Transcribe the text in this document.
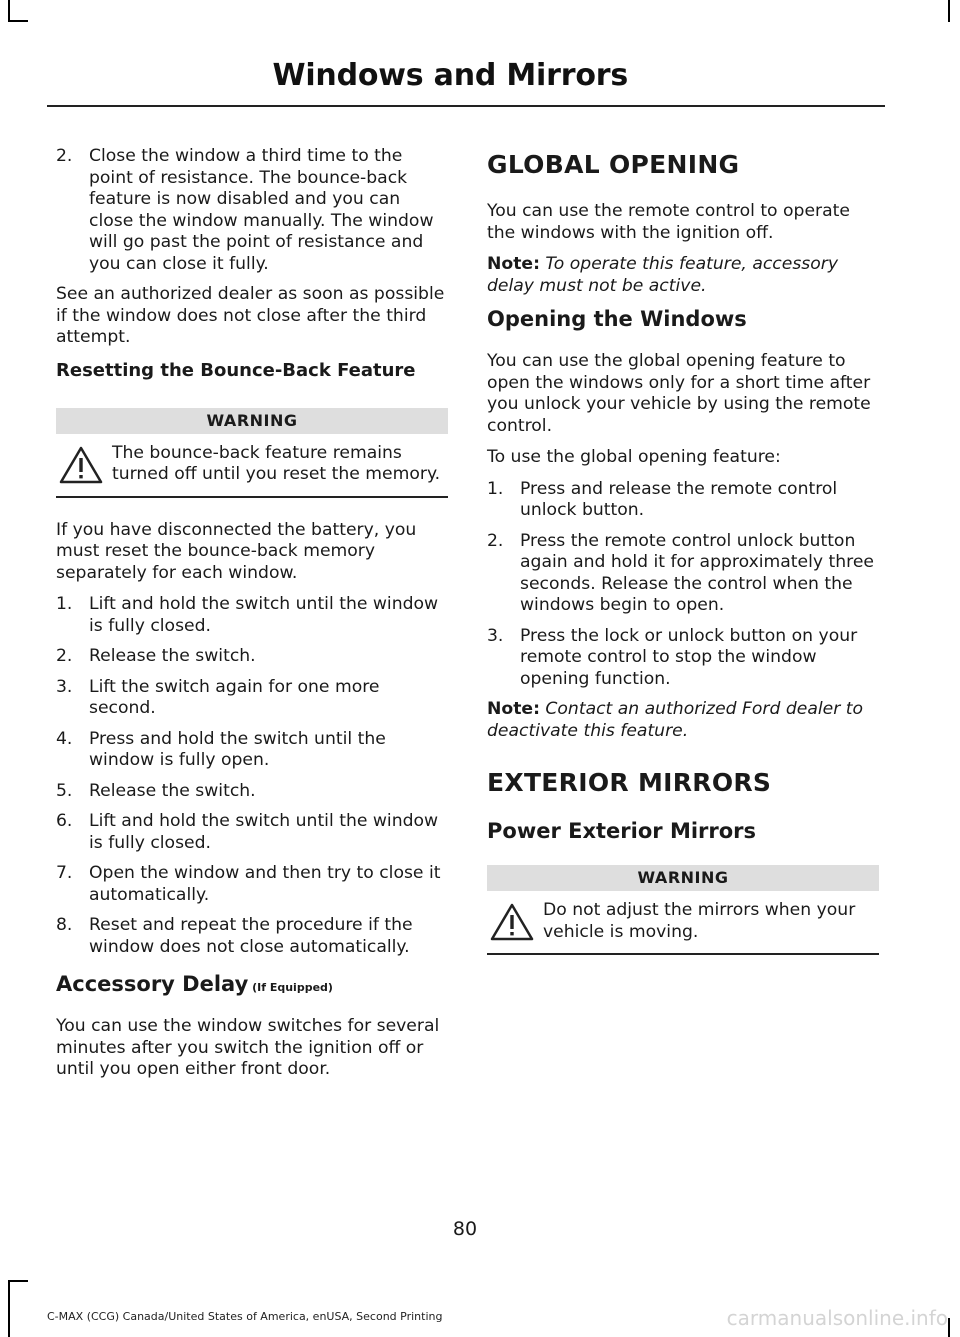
Windows and Mirrors
2. Close the window a third time to the point of resistance. The bounce-back feature is now disabled and you can close the window manually. The window will go past the point of resistance and you can close it fully.

See an authorized dealer as soon as possible if the window does not close after the third attempt.

Resetting the Bounce-Back Feature
WARNING
The bounce-back feature remains turned off until you reset the memory.

If you have disconnected the battery, you must reset the bounce-back memory separately for each window.

1. Lift and hold the switch until the window is fully closed.
2. Release the switch.
3. Lift the switch again for one more second.
4. Press and hold the switch until the window is fully open.
5. Release the switch.
6. Lift and hold the switch until the window is fully closed.
7. Open the window and then try to close it automatically.
8. Reset and repeat the procedure if the window does not close automatically.
Accessory Delay (If Equipped)

You can use the window switches for several minutes after you switch the ignition off or until you open either front door.

GLOBAL OPENING

You can use the remote control to operate the windows with the ignition off.

Note: To operate this feature, accessory delay must not be active.

Opening the Windows

You can use the global opening feature to open the windows only for a short time after you unlock your vehicle by using the remote control.

To use the global opening feature:

1. Press and release the remote control unlock button.
2. Press the remote control unlock button again and hold it for approximately three seconds. Release the control when the windows begin to open.
3. Press the lock or unlock button on your remote control to stop the window opening function.

Note: Contact an authorized Ford dealer to deactivate this feature.

EXTERIOR MIRRORS
Power Exterior Mirrors
WARNING
Do not adjust the mirrors when your vehicle is moving.
80
C-MAX (CCG) Canada/United States of America, enUSA, Second Printing	carmanualsonline.info
